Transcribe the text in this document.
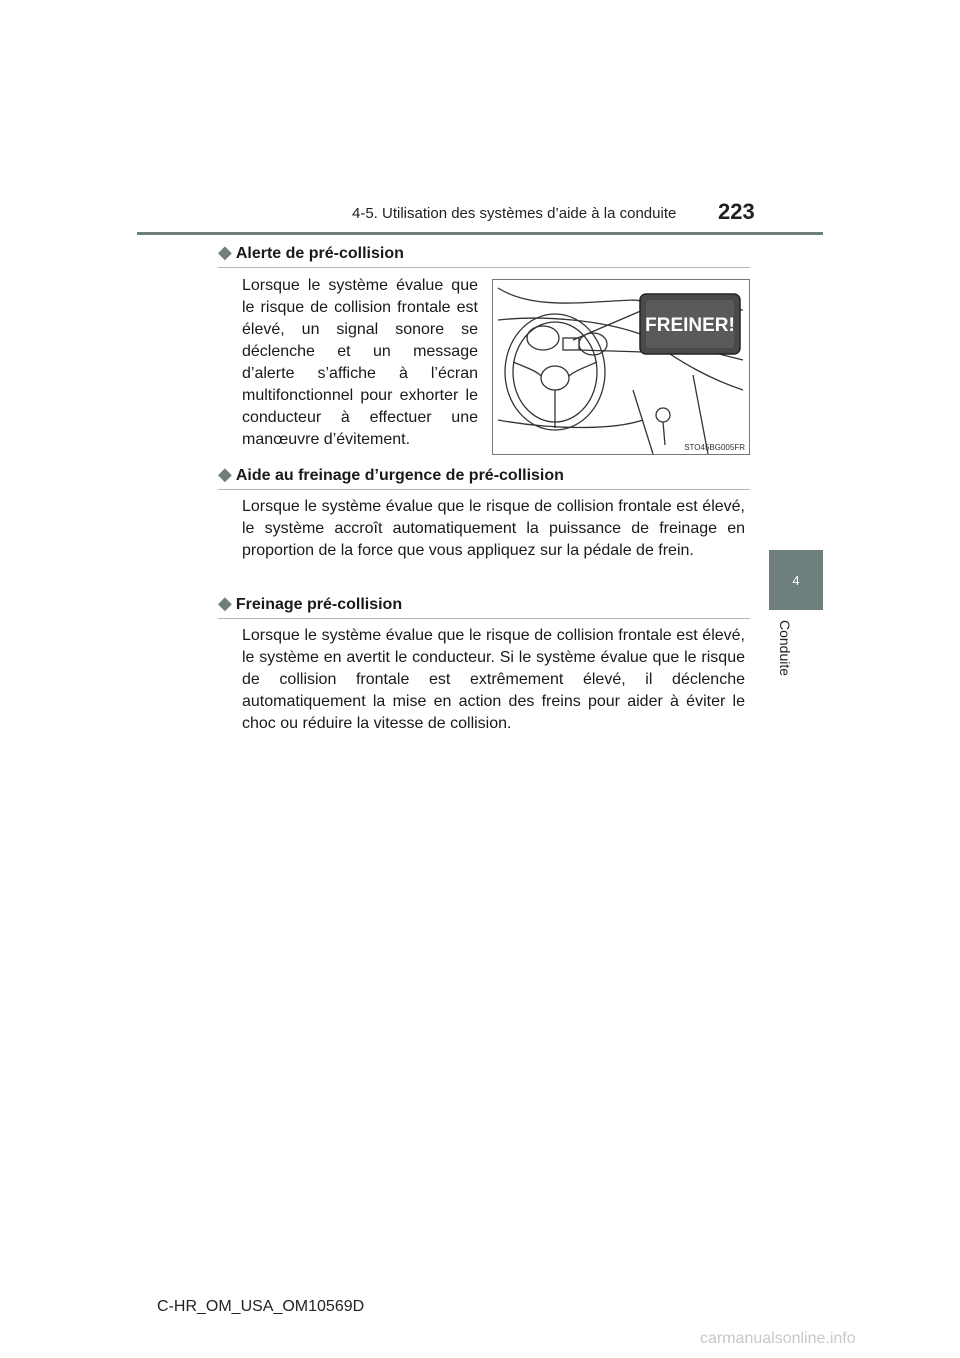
4-5. Utilisation des systèmes d’aide à la conduite 223
4
Conduite
◆ Alerte de pré-collision

Lorsque le système évalue que le risque de collision frontale est élevé, un signal sonore se déclenche et un message d’alerte s’affiche à l’écran multifonctionnel pour exhorter le conducteur à effectuer une manœuvre d’évitement.

FREINER!
STO45BG005FR
◆ Aide au freinage d’urgence de pré-collision

Lorsque le système évalue que le risque de collision frontale est élevé, le système accroît automatiquement la puissance de freinage en proportion de la force que vous appliquez sur la pédale de frein.

◆ Freinage pré-collision

Lorsque le système évalue que le risque de collision frontale est élevé, le système en avertit le conducteur. Si le système évalue que le risque de collision frontale est extrêmement élevé, il déclenche automatiquement la mise en action des freins pour aider à éviter le choc ou réduire la vitesse de collision.

C-HR_OM_USA_OM10569D
carmanualsonline.info
